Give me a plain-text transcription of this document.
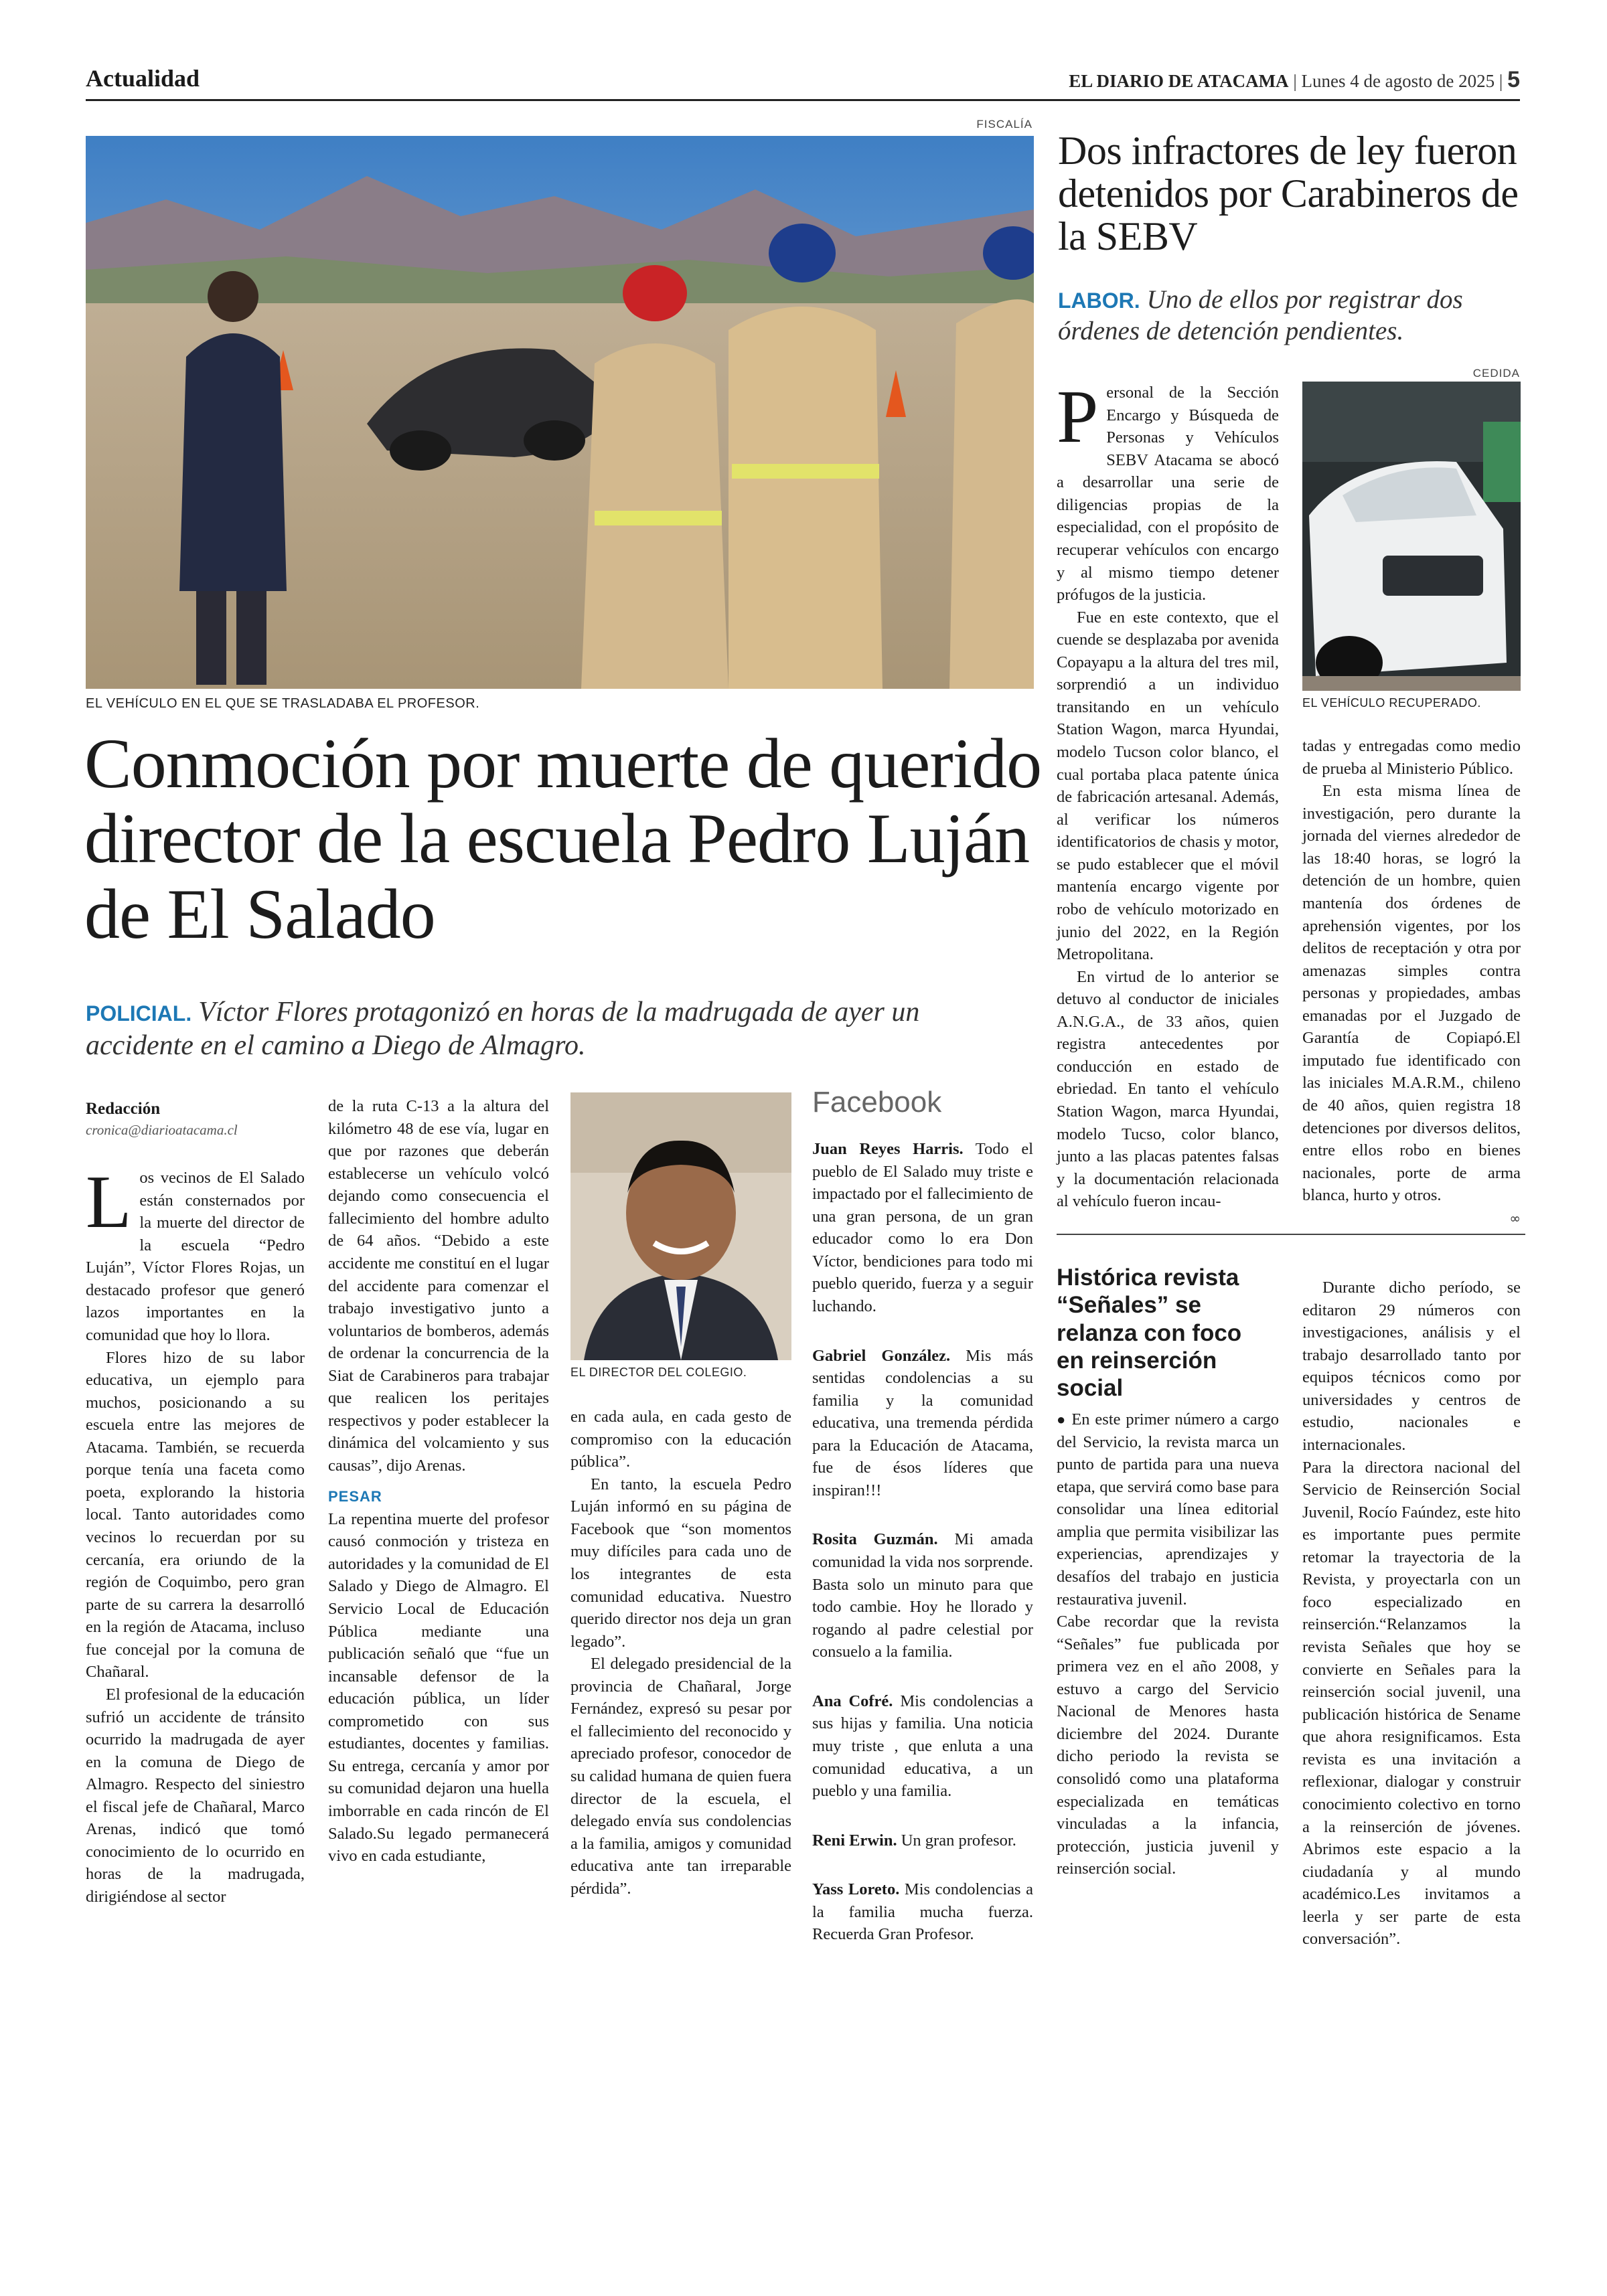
Actualidad	EL DIARIO DE ATACAMA | Lunes 4 de agosto de 2025 | 5
FISCALÍA
EL VEHÍCULO EN EL QUE SE TRASLADABA EL PROFESOR.
Conmoción por muerte de querido director de la escuela Pedro Luján de El Salado
POLICIAL. Víctor Flores protagonizó en horas de la madrugada de ayer un accidente en el camino a Diego de Almagro.
Redacción
cronica@diarioatacama.cl

Los vecinos de El Salado están consternados por la muerte del director de la escuela “Pedro Luján”, Víctor Flores Rojas, un destacado profesor que generó lazos importantes en la comunidad que hoy lo llora.

Flores hizo de su labor educativa, un ejemplo para muchos, posicionando a su escuela entre las mejores de Atacama. También, se recuerda porque tenía una faceta como poeta, explorando la historia local. Tanto autoridades como vecinos lo recuerdan por su cercanía, era oriundo de la región de Coquimbo, pero gran parte de su carrera la desarrolló en la región de Atacama, incluso fue concejal por la comuna de Chañaral.

El profesional de la educación sufrió un accidente de tránsito ocurrido la madrugada de ayer en la comuna de Diego de Almagro. Respecto del siniestro el fiscal jefe de Chañaral, Marco Arenas, indicó que tomó conocimiento de lo ocurrido en horas de la madrugada, dirigiéndose al sector

de la ruta C-13 a la altura del kilómetro 48 de ese vía, lugar en que por razones que deberán establecerse un vehículo volcó dejando como consecuencia el fallecimiento del hombre adulto de 64 años. “Debido a este accidente me constituí en el lugar del accidente para comenzar el trabajo investigativo junto a voluntarios de bomberos, además de ordenar la concurrencia de la Siat de Carabineros para trabajar que realicen los peritajes respectivos y poder establecer la dinámica del volcamiento y sus causas”, dijo Arenas.

PESAR

La repentina muerte del profesor causó conmoción y tristeza en autoridades y la comunidad de El Salado y Diego de Almagro. El Servicio Local de Educación Pública mediante una publicación señaló que “fue un incansable defensor de la educación pública, un líder comprometido con sus estudiantes, docentes y familias. Su entrega, cercanía y amor por su comunidad dejaron una huella imborrable en cada rincón de El Salado.Su legado permanecerá vivo en cada estudiante,

EL DIRECTOR DEL COLEGIO.

en cada aula, en cada gesto de compromiso con la educación pública”.

En tanto, la escuela Pedro Luján informó en su página de Facebook que “son momentos muy difíciles para cada uno de los integrantes de esta comunidad educativa. Nuestro querido director nos deja un gran legado”.

El delegado presidencial de la provincia de Chañaral, Jorge Fernández, expresó su pesar por el fallecimiento del reconocido y apreciado profesor, conocedor de su calidad humana de quien fuera director de la escuela, el delegado envía sus condolencias a la familia, amigos y comunidad educativa ante tan irreparable pérdida”.

Facebook

Juan Reyes Harris. Todo el pueblo de El Salado muy triste e impactado por el fallecimiento de una gran persona, de un gran educador como lo era Don Víctor, bendiciones para todo mi pueblo querido, fuerza y a seguir luchando.

Gabriel González. Mis más sentidas condolencias a su familia y la comunidad educativa, una tremenda pérdida para la Educación de Atacama, fue de ésos líderes que inspiran!!!

Rosita Guzmán. Mi amada comunidad la vida nos sorprende. Basta solo un minuto para que todo cambie. Hoy he llorado y rogando al padre celestial por consuelo a la familia.

Ana Cofré. Mis condolencias a sus hijas y familia. Una noticia muy triste , que enluta a una comunidad educativa, a un pueblo y una familia.

Reni Erwin. Un gran profesor.

Yass Loreto. Mis condolencias a la familia mucha fuerza. Recuerda Gran Profesor.

Dos infractores de ley fueron detenidos por Carabineros de la SEBV
LABOR. Uno de ellos por registrar dos órdenes de detención pendientes.

Personal de la Sección Encargo y Búsqueda de Personas y Vehículos SEBV Atacama se abocó a desarrollar una serie de diligencias propias de la especialidad, con el propósito de recuperar vehículos con encargo y al mismo tiempo detener prófugos de la justicia.

Fue en este contexto, que el cuende se desplazaba por avenida Copayapu a la altura del tres mil, sorprendió a un individuo transitando en un vehículo Station Wagon, marca Hyundai, modelo Tucson color blanco, el cual portaba placa patente única de fabricación artesanal. Además, al verificar los números identificatorios de chasis y motor, se pudo establecer que el móvil mantenía encargo vigente por robo de vehículo motorizado en junio del 2022, en la Región Metropolitana.

En virtud de lo anterior se detuvo al conductor de iniciales A.N.G.A., de 33 años, quien registra antecedentes por conducción en estado de ebriedad. En tanto el vehículo Station Wagon, marca Hyundai, modelo Tucso, color blanco, junto a las placas patentes falsas y la documentación relacionada al vehículo fueron incau-

CEDIDA
EL VEHÍCULO RECUPERADO.

tadas y entregadas como medio de prueba al Ministerio Público.

En esta misma línea de investigación, pero durante la jornada del viernes alrededor de las 18:40 horas, se logró la detención de un hombre, quien mantenía dos órdenes de aprehensión vigentes, por los delitos de receptación y otra por amenazas simples contra personas y propiedades, ambas emanadas por el Juzgado de Garantía de Copiapó.El imputado fue identificado con las iniciales M.A.R.M., chileno de 40 años, quien registra 18 detenciones por diversos delitos, entre ellos robo en bienes nacionales, porte de arma blanca, hurto y otros.

∞
Histórica revista “Señales” se relanza con foco en reinserción social

● En este primer número a cargo del Servicio, la revista marca un punto de partida para una nueva etapa, que servirá como base para consolidar una línea editorial amplia que permita visibilizar las experiencias, aprendizajes y desafíos del trabajo en justicia restaurativa juvenil.

Cabe recordar que la revista “Señales” fue publicada por primera vez en el año 2008, y estuvo a cargo del Servicio Nacional de Menores hasta diciembre del 2024. Durante dicho periodo la revista se consolidó como una plataforma especializada en temáticas vinculadas a la infancia, protección, justicia juvenil y reinserción social.

Durante dicho período, se editaron 29 números con investigaciones, análisis y el trabajo desarrollado tanto por equipos técnicos como por universidades y centros de estudio, nacionales e internacionales.

Para la directora nacional del Servicio de Reinserción Social Juvenil, Rocío Faúndez, este hito es importante pues permite retomar la trayectoria de la Revista, y proyectarla con un foco especializado en reinserción.“Relanzamos la revista Señales que hoy se convierte en Señales para la reinserción social juvenil, una publicación histórica de Sename que ahora resignificamos. Esta revista es una invitación a reflexionar, dialogar y construir conocimiento colectivo en torno a la reinserción de jóvenes. Abrimos este espacio a la ciudadanía y al mundo académico.Les invitamos a leerla y ser parte de esta conversación”.
